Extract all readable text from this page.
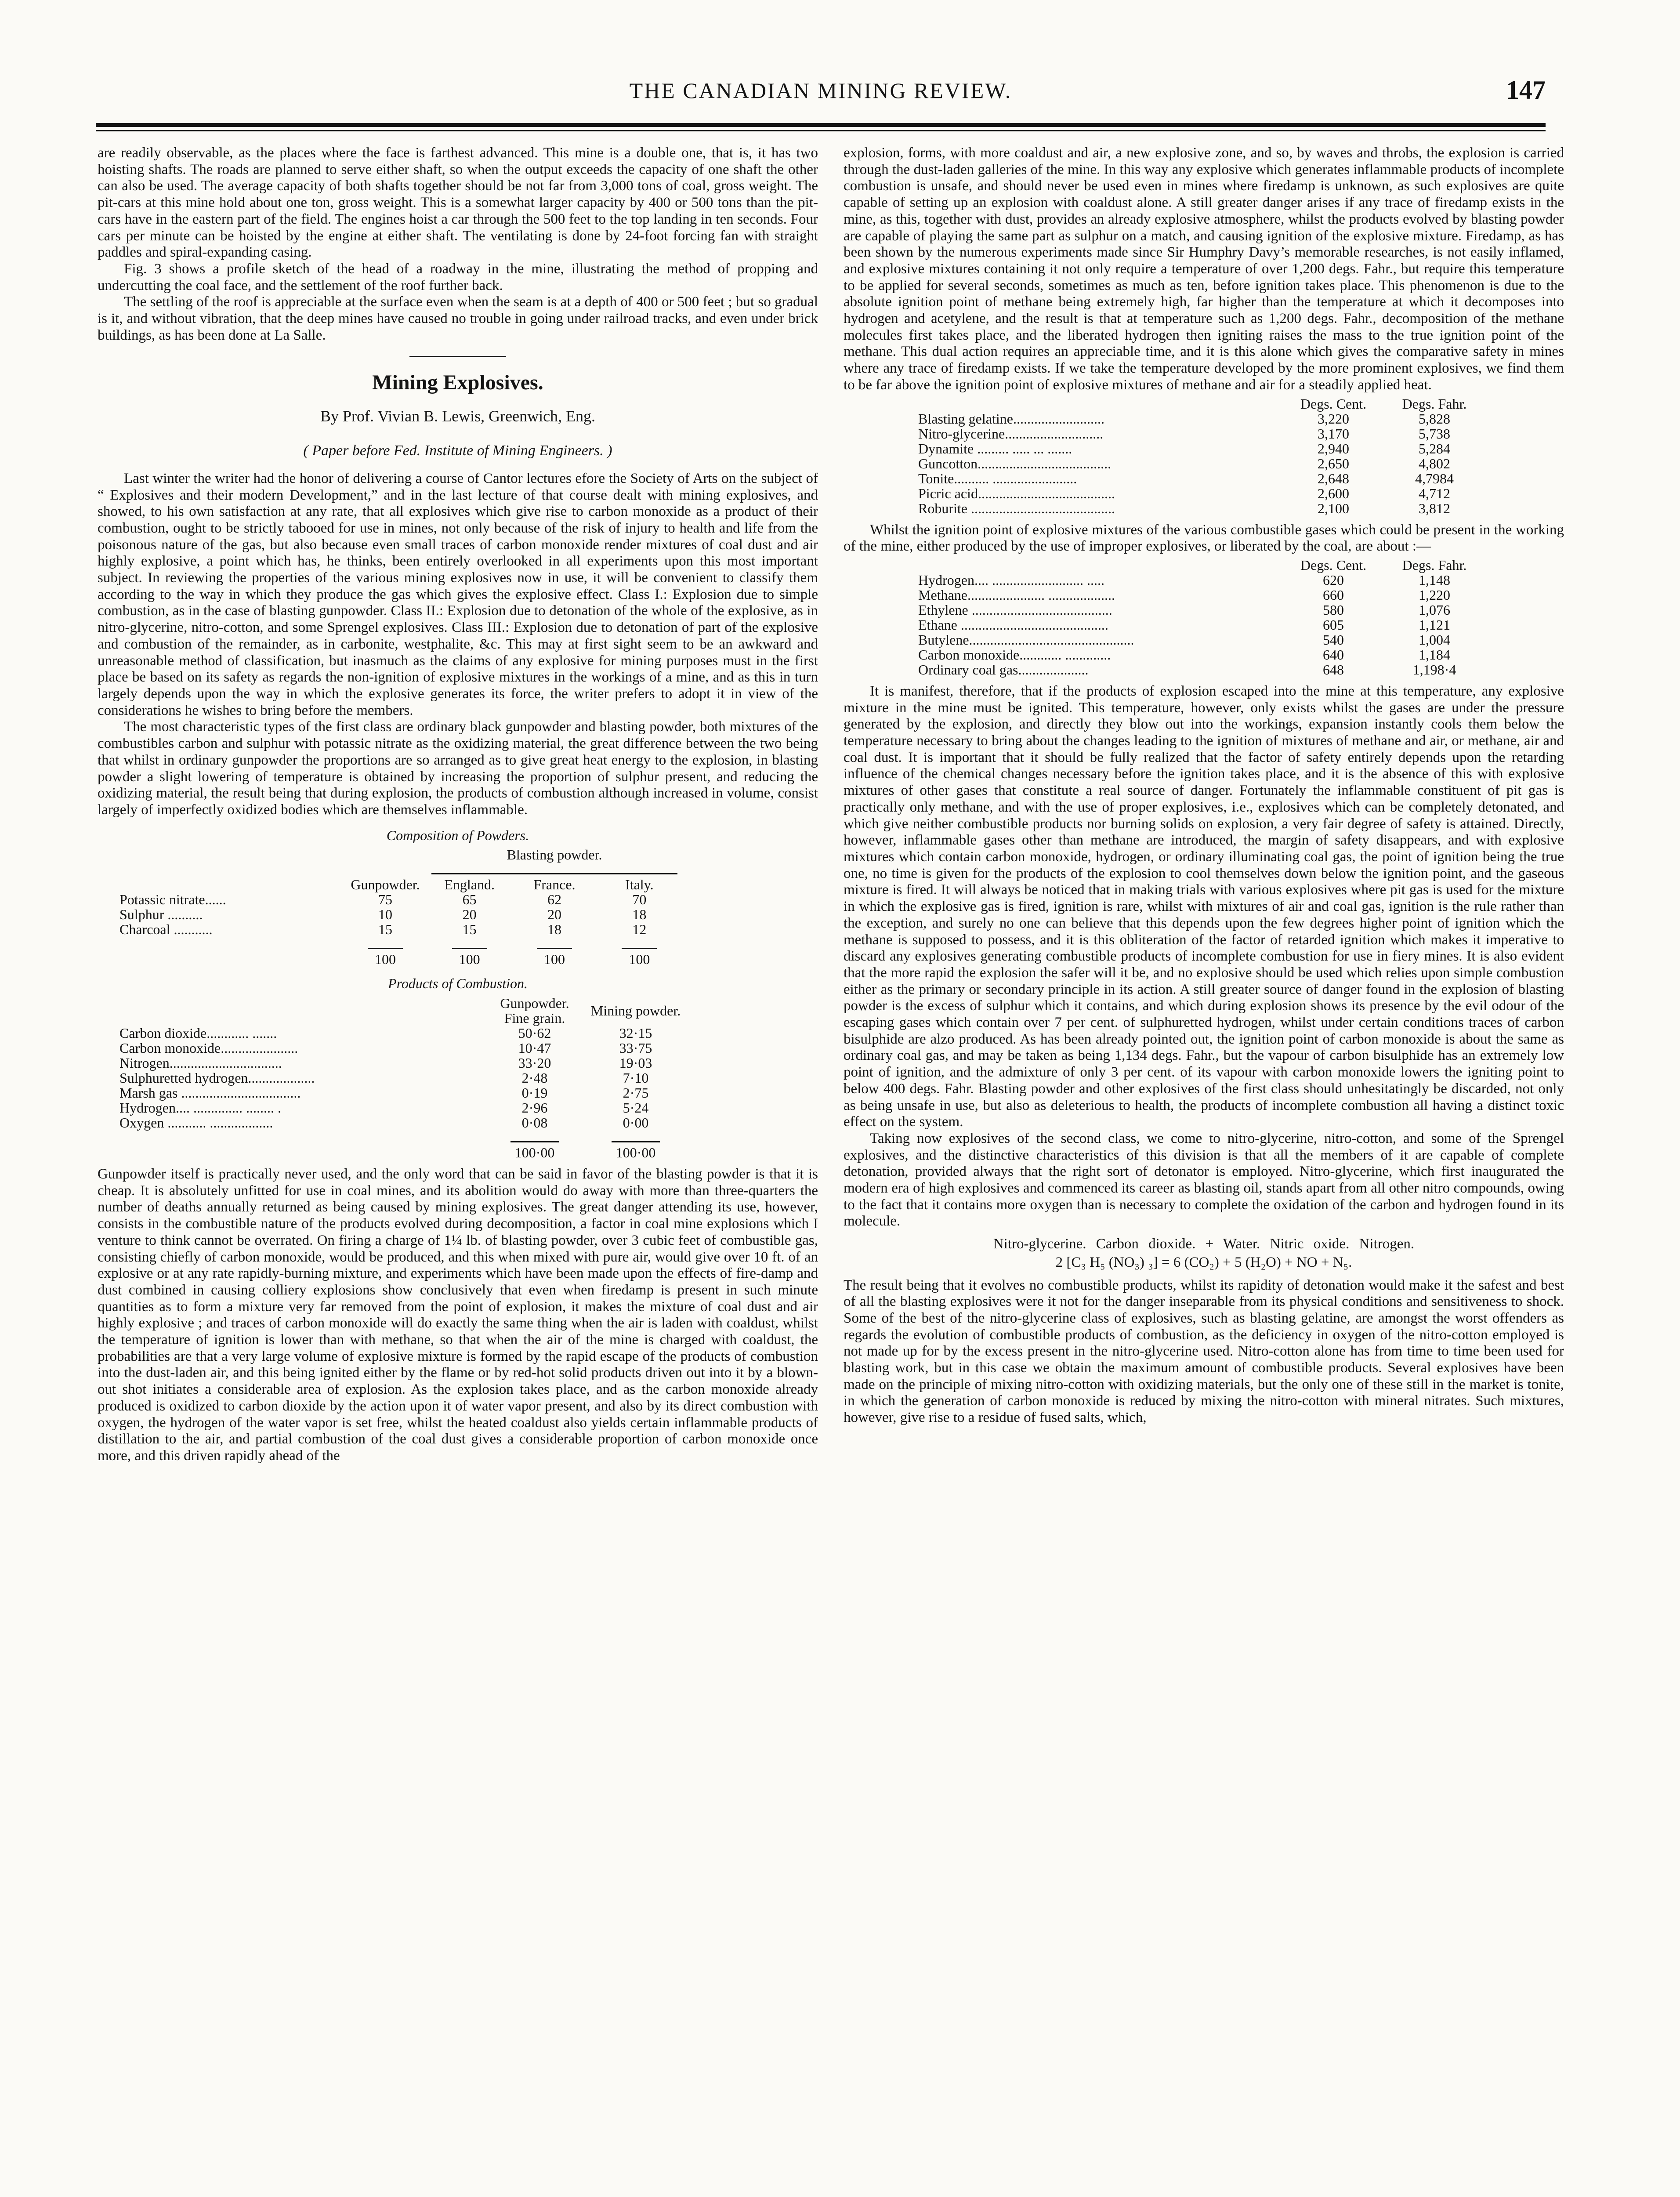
THE CANADIAN MINING REVIEW.	147

are readily observable, as the places where the face is farthest advanced. This mine is a double one, that is, it has two hoisting shafts. The roads are planned to serve either shaft, so when the output exceeds the capacity of one shaft the other can also be used. The average capacity of both shafts together should be not far from 3,000 tons of coal, gross weight. The pit-cars at this mine hold about one ton, gross weight. This is a somewhat larger capacity by 400 or 500 tons than the pit-cars have in the eastern part of the field. The engines hoist a car through the 500 feet to the top landing in ten seconds. Four cars per minute can be hoisted by the engine at either shaft. The ventilating is done by 24-foot forcing fan with straight paddles and spiral-expanding casing.

Fig. 3 shows a profile sketch of the head of a roadway in the mine, illustrating the method of propping and undercutting the coal face, and the settlement of the roof further back.

The settling of the roof is appreciable at the surface even when the seam is at a depth of 400 or 500 feet ; but so gradual is it, and without vibration, that the deep mines have caused no trouble in going under railroad tracks, and even under brick buildings, as has been done at La Salle.

Mining Explosives.
By Prof. Vivian B. Lewis, Greenwich, Eng.
( Paper before Fed. Institute of Mining Engineers. )

Last winter the writer had the honor of delivering a course of Cantor lectures efore the Society of Arts on the subject of “ Explosives and their modern Development,” and in the last lecture of that course dealt with mining explosives, and showed, to his own satisfaction at any rate, that all explosives which give rise to carbon monoxide as a product of their combustion, ought to be strictly tabooed for use in mines, not only because of the risk of injury to health and life from the poisonous nature of the gas, but also because even small traces of carbon monoxide render mixtures of coal dust and air highly explosive, a point which has, he thinks, been entirely overlooked in all experiments upon this most important subject. In reviewing the properties of the various mining explosives now in use, it will be convenient to classify them according to the way in which they produce the gas which gives the explosive effect. Class I.: Explosion due to simple combustion, as in the case of blasting gunpowder. Class II.: Explosion due to detonation of the whole of the explosive, as in nitro-glycerine, nitro-cotton, and some Sprengel explosives. Class III.: Explosion due to detonation of part of the explosive and combustion of the remainder, as in carbonite, westphalite, &c. This may at first sight seem to be an awkward and unreasonable method of classification, but inasmuch as the claims of any explosive for mining purposes must in the first place be based on its safety as regards the non-ignition of explosive mixtures in the workings of a mine, and as this in turn largely depends upon the way in which the explosive generates its force, the writer prefers to adopt it in view of the considerations he wishes to bring before the members.

The most characteristic types of the first class are ordinary black gunpowder and blasting powder, both mixtures of the combustibles carbon and sulphur with potassic nitrate as the oxidizing material, the great difference between the two being that whilst in ordinary gunpowder the proportions are so arranged as to give great heat energy to the explosion, in blasting powder a slight lowering of temperature is obtained by increasing the proportion of sulphur present, and reducing the oxidizing material, the result being that during explosion, the products of combustion although increased in volume, consist largely of imperfectly oxidized bodies which are themselves inflammable.

Composition of Powders.
		Blasting powder.		

	Gunpowder.	England.	France.	Italy.
Potassic nitrate......	75	65	62	70
Sulphur ..........	10	20	20	18
Charcoal ...........	15	15	18	12

	100	100	100	100
Products of Combustion.
	Gunpowder. Fine grain.	Mining powder.
Carbon dioxide............ .......	50·62	32·15
Carbon monoxide......................	10·47	33·75
Nitrogen................................	33·20	19·03
Sulphuretted hydrogen...................	2·48	7·10
Marsh gas ..................................	0·19	2·75
Hydrogen.... .............. ........ .	2·96	5·24
Oxygen ........... ..................	0·08	0·00

	100·00	100·00

Gunpowder itself is practically never used, and the only word that can be said in favor of the blasting powder is that it is cheap. It is absolutely unfitted for use in coal mines, and its abolition would do away with more than three-quarters the number of deaths annually returned as being caused by mining explosives. The great danger attending its use, however, consists in the combustible nature of the products evolved during decomposition, a factor in coal mine explosions which I venture to think cannot be overrated. On firing a charge of 1¼ lb. of blasting powder, over 3 cubic feet of combustible gas, consisting chiefly of carbon monoxide, would be produced, and this when mixed with pure air, would give over 10 ft. of an explosive or at any rate rapidly-burning mixture, and experiments which have been made upon the effects of fire-damp and dust combined in causing colliery explosions show conclusively that even when firedamp is present in such minute quantities as to form a mixture very far removed from the point of explosion, it makes the mixture of coal dust and air highly explosive ; and traces of carbon monoxide will do exactly the same thing when the air is laden with coaldust, whilst the temperature of ignition is lower than with methane, so that when the air of the mine is charged with coaldust, the probabilities are that a very large volume of explosive mixture is formed by the rapid escape of the products of combustion into the dust-laden air, and this being ignited either by the flame or by red-hot solid products driven out into it by a blown-out shot initiates a considerable area of explosion. As the explosion takes place, and as the carbon monoxide already produced is oxidized to carbon dioxide by the action upon it of water vapor present, and also by its direct combustion with oxygen, the hydrogen of the water vapor is set free, whilst the heated coaldust also yields certain inflammable products of distillation to the air, and partial combustion of the coal dust gives a considerable proportion of carbon monoxide once more, and this driven rapidly ahead of the

explosion, forms, with more coaldust and air, a new explosive zone, and so, by waves and throbs, the explosion is carried through the dust-laden galleries of the mine. In this way any explosive which generates inflammable products of incomplete combustion is unsafe, and should never be used even in mines where firedamp is unknown, as such explosives are quite capable of setting up an explosion with coaldust alone. A still greater danger arises if any trace of firedamp exists in the mine, as this, together with dust, provides an already explosive atmosphere, whilst the products evolved by blasting powder are capable of playing the same part as sulphur on a match, and causing ignition of the explosive mixture. Firedamp, as has been shown by the numerous experiments made since Sir Humphry Davy’s memorable researches, is not easily inflamed, and explosive mixtures containing it not only require a temperature of over 1,200 degs. Fahr., but require this temperature to be applied for several seconds, sometimes as much as ten, before ignition takes place. This phenomenon is due to the absolute ignition point of methane being extremely high, far higher than the temperature at which it decomposes into hydrogen and acetylene, and the result is that at temperature such as 1,200 degs. Fahr., decomposition of the methane molecules first takes place, and the liberated hydrogen then igniting raises the mass to the true ignition point of the methane. This dual action requires an appreciable time, and it is this alone which gives the comparative safety in mines where any trace of firedamp exists. If we take the temperature developed by the more prominent explosives, we find them to be far above the ignition point of explosive mixtures of methane and air for a steadily applied heat.

	Degs. Cent.	Degs. Fahr.
Blasting gelatine..........................	3,220	5,828
Nitro-glycerine............................	3,170	5,738
Dynamite ......... ..... ... .......	2,940	5,284
Guncotton......................................	2,650	4,802
Tonite.......... ........................	2,648	4,7984
Picric acid.......................................	2,600	4,712
Roburite .........................................	2,100	3,812

Whilst the ignition point of explosive mixtures of the various combustible gases which could be present in the working of the mine, either produced by the use of improper explosives, or liberated by the coal, are about :—

	Degs. Cent.	Degs. Fahr.
Hydrogen.... .......................... .....	620	1,148
Methane...................... ...................	660	1,220
Ethylene ........................................	580	1,076
Ethane ..........................................	605	1,121
Butylene...............................................	540	1,004
Carbon monoxide............ .............	640	1,184
Ordinary coal gas....................	648	1,198·4

It is manifest, therefore, that if the products of explosion escaped into the mine at this temperature, any explosive mixture in the mine must be ignited. This temperature, however, only exists whilst the gases are under the pressure generated by the explosion, and directly they blow out into the workings, expansion instantly cools them below the temperature necessary to bring about the changes leading to the ignition of mixtures of methane and air, or methane, air and coal dust. It is important that it should be fully realized that the factor of safety entirely depends upon the retarding influence of the chemical changes necessary before the ignition takes place, and it is the absence of this with explosive mixtures of other gases that constitute a real source of danger. Fortunately the inflammable constituent of pit gas is practically only methane, and with the use of proper explosives, i.e., explosives which can be completely detonated, and which give neither combustible products nor burning solids on explosion, a very fair degree of safety is attained. Directly, however, inflammable gases other than methane are introduced, the margin of safety disappears, and with explosive mixtures which contain carbon monoxide, hydrogen, or ordinary illuminating coal gas, the point of ignition being the true one, no time is given for the products of the explosion to cool themselves down below the ignition point, and the gaseous mixture is fired. It will always be noticed that in making trials with various explosives where pit gas is used for the mixture in which the explosive gas is fired, ignition is rare, whilst with mixtures of air and coal gas, ignition is the rule rather than the exception, and surely no one can believe that this depends upon the few degrees higher point of ignition which the methane is supposed to possess, and it is this obliteration of the factor of retarded ignition which makes it imperative to discard any explosives generating combustible products of incomplete combustion for use in fiery mines. It is also evident that the more rapid the explosion the safer will it be, and no explosive should be used which relies upon simple combustion either as the primary or secondary principle in its action. A still greater source of danger found in the explosion of blasting powder is the excess of sulphur which it contains, and which during explosion shows its presence by the evil odour of the escaping gases which contain over 7 per cent. of sulphuretted hydrogen, whilst under certain conditions traces of carbon bisulphide are alzo produced. As has been already pointed out, the ignition point of carbon monoxide is about the same as ordinary coal gas, and may be taken as being 1,134 degs. Fahr., but the vapour of carbon bisulphide has an extremely low point of ignition, and the admixture of only 3 per cent. of its vapour with carbon monoxide lowers the igniting point to below 400 degs. Fahr. Blasting powder and other explosives of the first class should unhesitatingly be discarded, not only as being unsafe in use, but also as deleterious to health, the products of incomplete combustion all having a distinct toxic effect on the system.

Taking now explosives of the second class, we come to nitro-glycerine, nitro-cotton, and some of the Sprengel explosives, and the distinctive characteristics of this division is that all the members of it are capable of complete detonation, provided always that the right sort of detonator is employed. Nitro-glycerine, which first inaugurated the modern era of high explosives and commenced its career as blasting oil, stands apart from all other nitro compounds, owing to the fact that it contains more oxygen than is necessary to complete the oxidation of the carbon and hydrogen found in its molecule.

Nitro-glycerine. Carbon dioxide. + Water. Nitric oxide. Nitrogen.
2 [C₃ H₅ (NO₃) ₃] = 6 (CO₂) + 5 (H₂O) + NO + N₅.

The result being that it evolves no combustible products, whilst its rapidity of detonation would make it the safest and best of all the blasting explosives were it not for the danger inseparable from its physical conditions and sensitiveness to shock. Some of the best of the nitro-glycerine class of explosives, such as blasting gelatine, are amongst the worst offenders as regards the evolution of combustible products of combustion, as the deficiency in oxygen of the nitro-cotton employed is not made up for by the excess present in the nitro-glycerine used. Nitro-cotton alone has from time to time been used for blasting work, but in this case we obtain the maximum amount of combustible products. Several explosives have been made on the principle of mixing nitro-cotton with oxidizing materials, but the only one of these still in the market is tonite, in which the generation of carbon monoxide is reduced by mixing the nitro-cotton with mineral nitrates. Such mixtures, however, give rise to a residue of fused salts, which,
